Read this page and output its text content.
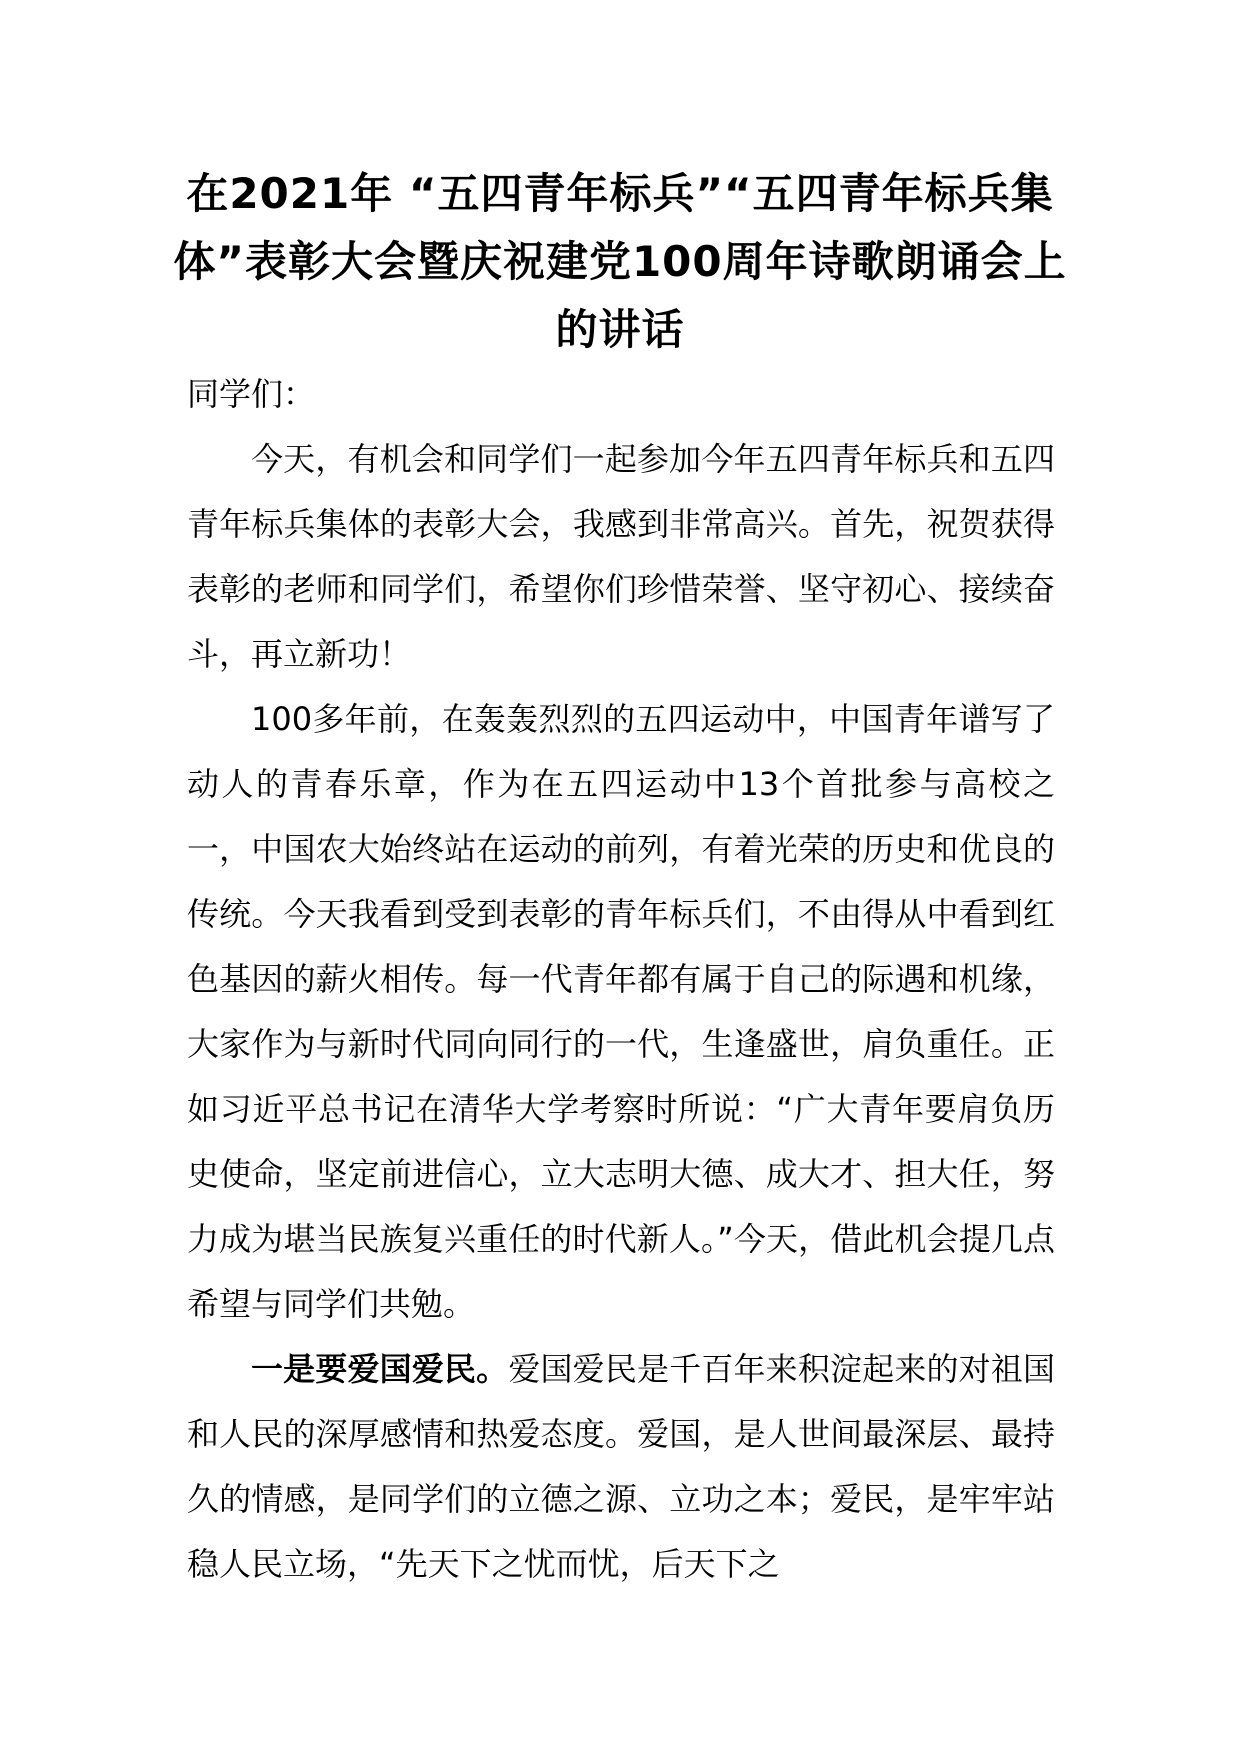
在2021年 “五四青年标兵”“五四青年标兵集体”表彰大会暨庆祝建党100周年诗歌朗诵会上的讲话

同学们：

今天，有机会和同学们一起参加今年五四青年标兵和五四青年标兵集体的表彰大会，我感到非常高兴。首先，祝贺获得表彰的老师和同学们，希望你们珍惜荣誉、坚守初心、接续奋斗，再立新功！

100多年前，在轰轰烈烈的五四运动中，中国青年谱写了动人的青春乐章，作为在五四运动中13个首批参与高校之一，中国农大始终站在运动的前列，有着光荣的历史和优良的传统。今天我看到受到表彰的青年标兵们，不由得从中看到红色基因的薪火相传。每一代青年都有属于自己的际遇和机缘，大家作为与新时代同向同行的一代，生逢盛世，肩负重任。正如习近平总书记在清华大学考察时所说：“广大青年要肩负历史使命，坚定前进信心，立大志明大德、成大才、担大任，努力成为堪当民族复兴重任的时代新人。”今天，借此机会提几点希望与同学们共勉。

一是要爱国爱民。爱国爱民是千百年来积淀起来的对祖国和人民的深厚感情和热爱态度。爱国，是人世间最深层、最持久的情感，是同学们的立德之源、立功之本；爱民，是牢牢站稳人民立场，“先天下之忧而忧，后天下之
